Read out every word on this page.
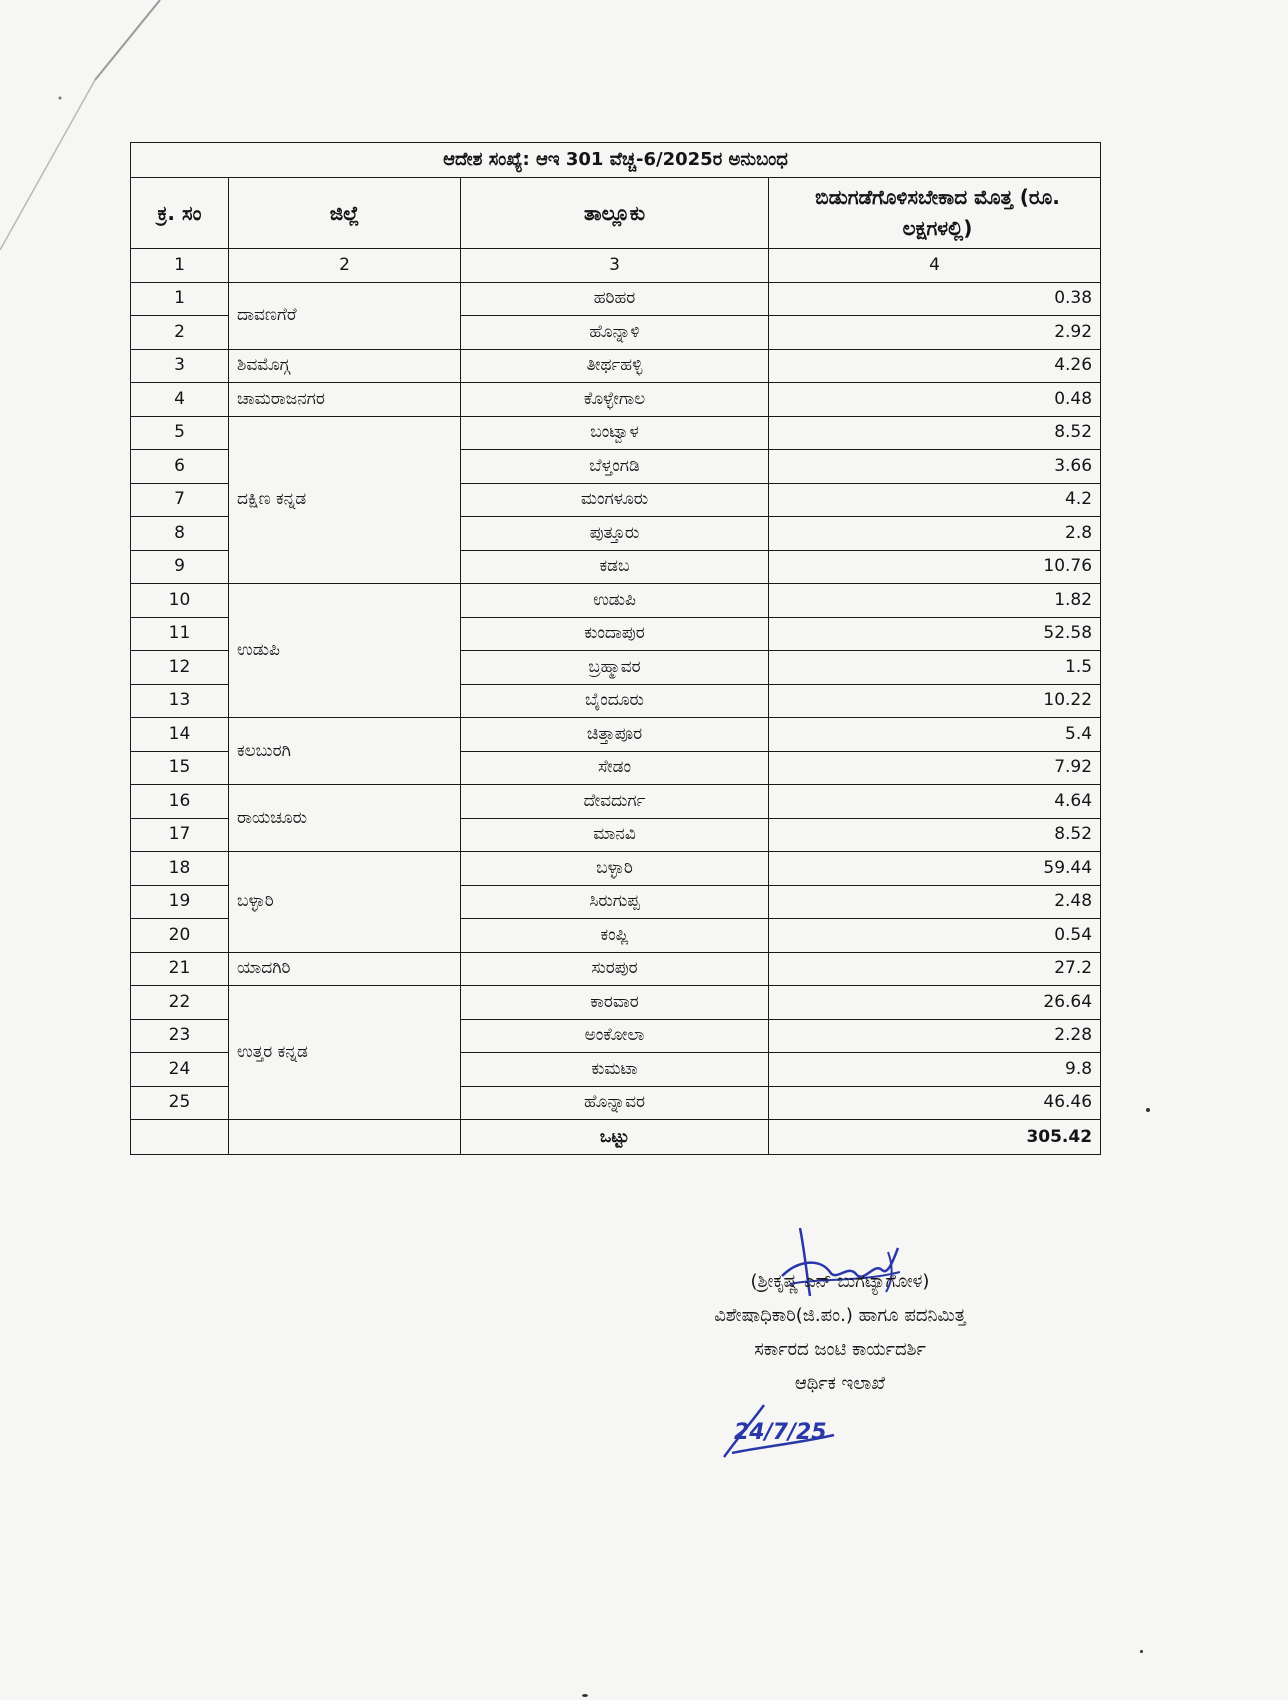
ಆದೇಶ ಸಂಖ್ಯೆ: ಆಇ 301 ವೆಚ್ಚ-6/2025ರ ಅನುಬಂಧ			
ಕ್ರ. ಸಂ	ಜಿಲ್ಲೆ	ತಾಲ್ಲೂಕು	ಬಿಡುಗಡೆಗೊಳಿಸಬೇಕಾದ ಮೊತ್ತ (ರೂ. ಲಕ್ಷಗಳಲ್ಲಿ)
1	2	3	4
1	ದಾವಣಗೆರೆ	ಹರಿಹರ	0.38
2		ಹೊನ್ನಾಳಿ	2.92
3	ಶಿವಮೊಗ್ಗ	ತೀರ್ಥಹಳ್ಳಿ	4.26
4	ಚಾಮರಾಜನಗರ	ಕೊಳ್ಳೇಗಾಲ	0.48
5	ದಕ್ಷಿಣ ಕನ್ನಡ	ಬಂಟ್ವಾಳ	8.52
6		ಬೆಳ್ತಂಗಡಿ	3.66
7		ಮಂಗಳೂರು	4.2
8		ಪುತ್ತೂರು	2.8
9		ಕಡಬ	10.76
10	ಉಡುಪಿ	ಉಡುಪಿ	1.82
11		ಕುಂದಾಪುರ	52.58
12		ಬ್ರಹ್ಮಾವರ	1.5
13		ಬೈಂದೂರು	10.22
14	ಕಲಬುರಗಿ	ಚಿತ್ತಾಪೂರ	5.4
15		ಸೇಡಂ	7.92
16	ರಾಯಚೂರು	ದೇವದುರ್ಗ	4.64
17		ಮಾನವಿ	8.52
18	ಬಳ್ಳಾರಿ	ಬಳ್ಳಾರಿ	59.44
19		ಸಿರುಗುಪ್ಪ	2.48
20		ಕಂಪ್ಲಿ	0.54
21	ಯಾದಗಿರಿ	ಸುರಪುರ	27.2
22	ಉತ್ತರ ಕನ್ನಡ	ಕಾರವಾರ	26.64
23		ಅಂಕೋಲಾ	2.28
24		ಕುಮಟಾ	9.8
25		ಹೊನ್ನಾವರ	46.46
		ಒಟ್ಟು	305.42
(ಶ್ರೀಕೃಷ್ಣ ಎನ್ ಬುಗಟ್ಯಾಗೋಳ)
ವಿಶೇಷಾಧಿಕಾರಿ(ಜಿ.ಪಂ.) ಹಾಗೂ ಪದನಿಮಿತ್ತ
ಸರ್ಕಾರದ ಜಂಟಿ ಕಾರ್ಯದರ್ಶಿ
ಆರ್ಥಿಕ ಇಲಾಖೆ
24/7/25
